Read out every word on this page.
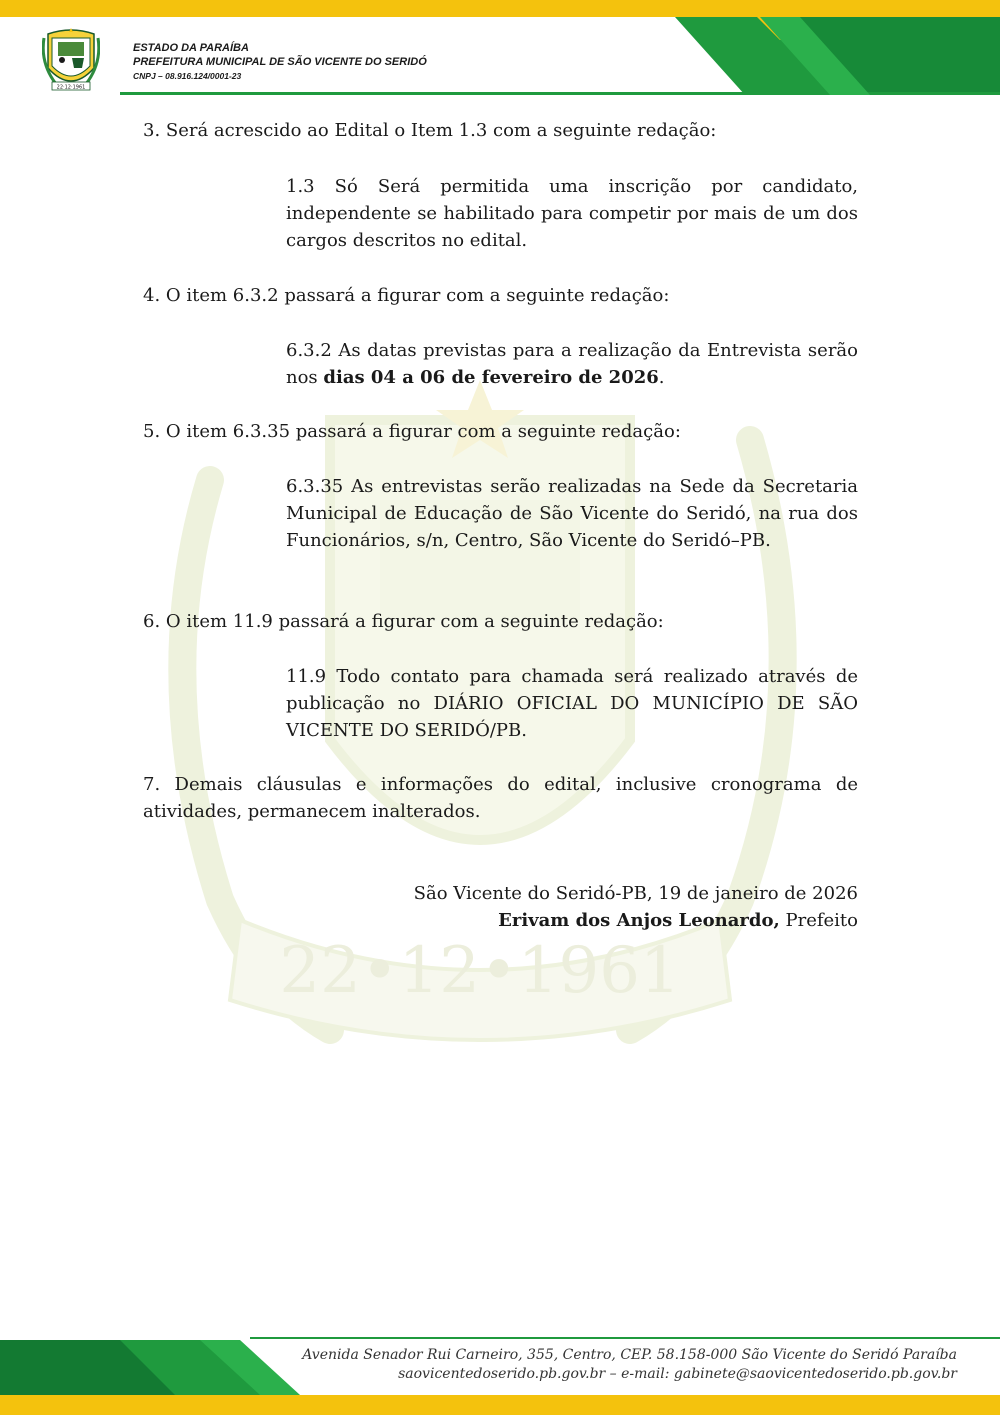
22·12·1961
ESTADO DA PARAÍBA
PREFEITURA MUNICIPAL DE SÃO VICENTE DO SERIDÓ
CNPJ – 08.916.124/0001-23
22•12•1961

3. Será acrescido ao Edital o Item 1.3 com a seguinte redação:

1.3 Só Será permitida uma inscrição por candidato, independente se habilitado para competir por mais de um dos cargos descritos no edital.

4. O item 6.3.2 passará a figurar com a seguinte redação:

6.3.2 As datas previstas para a realização da Entrevista serão nos dias 04 a 06 de fevereiro de 2026.

5. O item 6.3.35 passará a figurar com a seguinte redação:

6.3.35 As entrevistas serão realizadas na Sede da Secretaria Municipal de Educação de São Vicente do Seridó, na rua dos Funcionários, s/n, Centro, São Vicente do Seridó–PB.

6. O item 11.9 passará a figurar com a seguinte redação:

11.9 Todo contato para chamada será realizado através de publicação no DIÁRIO OFICIAL DO MUNICÍPIO DE SÃO VICENTE DO SERIDÓ/PB.

7. Demais cláusulas e informações do edital, inclusive cronograma de atividades, permanecem inalterados.

São Vicente do Seridó-PB, 19 de janeiro de 2026
Erivam dos Anjos Leonardo, Prefeito
Avenida Senador Rui Carneiro, 355, Centro, CEP. 58.158-000 São Vicente do Seridó Paraíba
saovicentedoserido.pb.gov.br – e-mail: gabinete@saovicentedoserido.pb.gov.br
